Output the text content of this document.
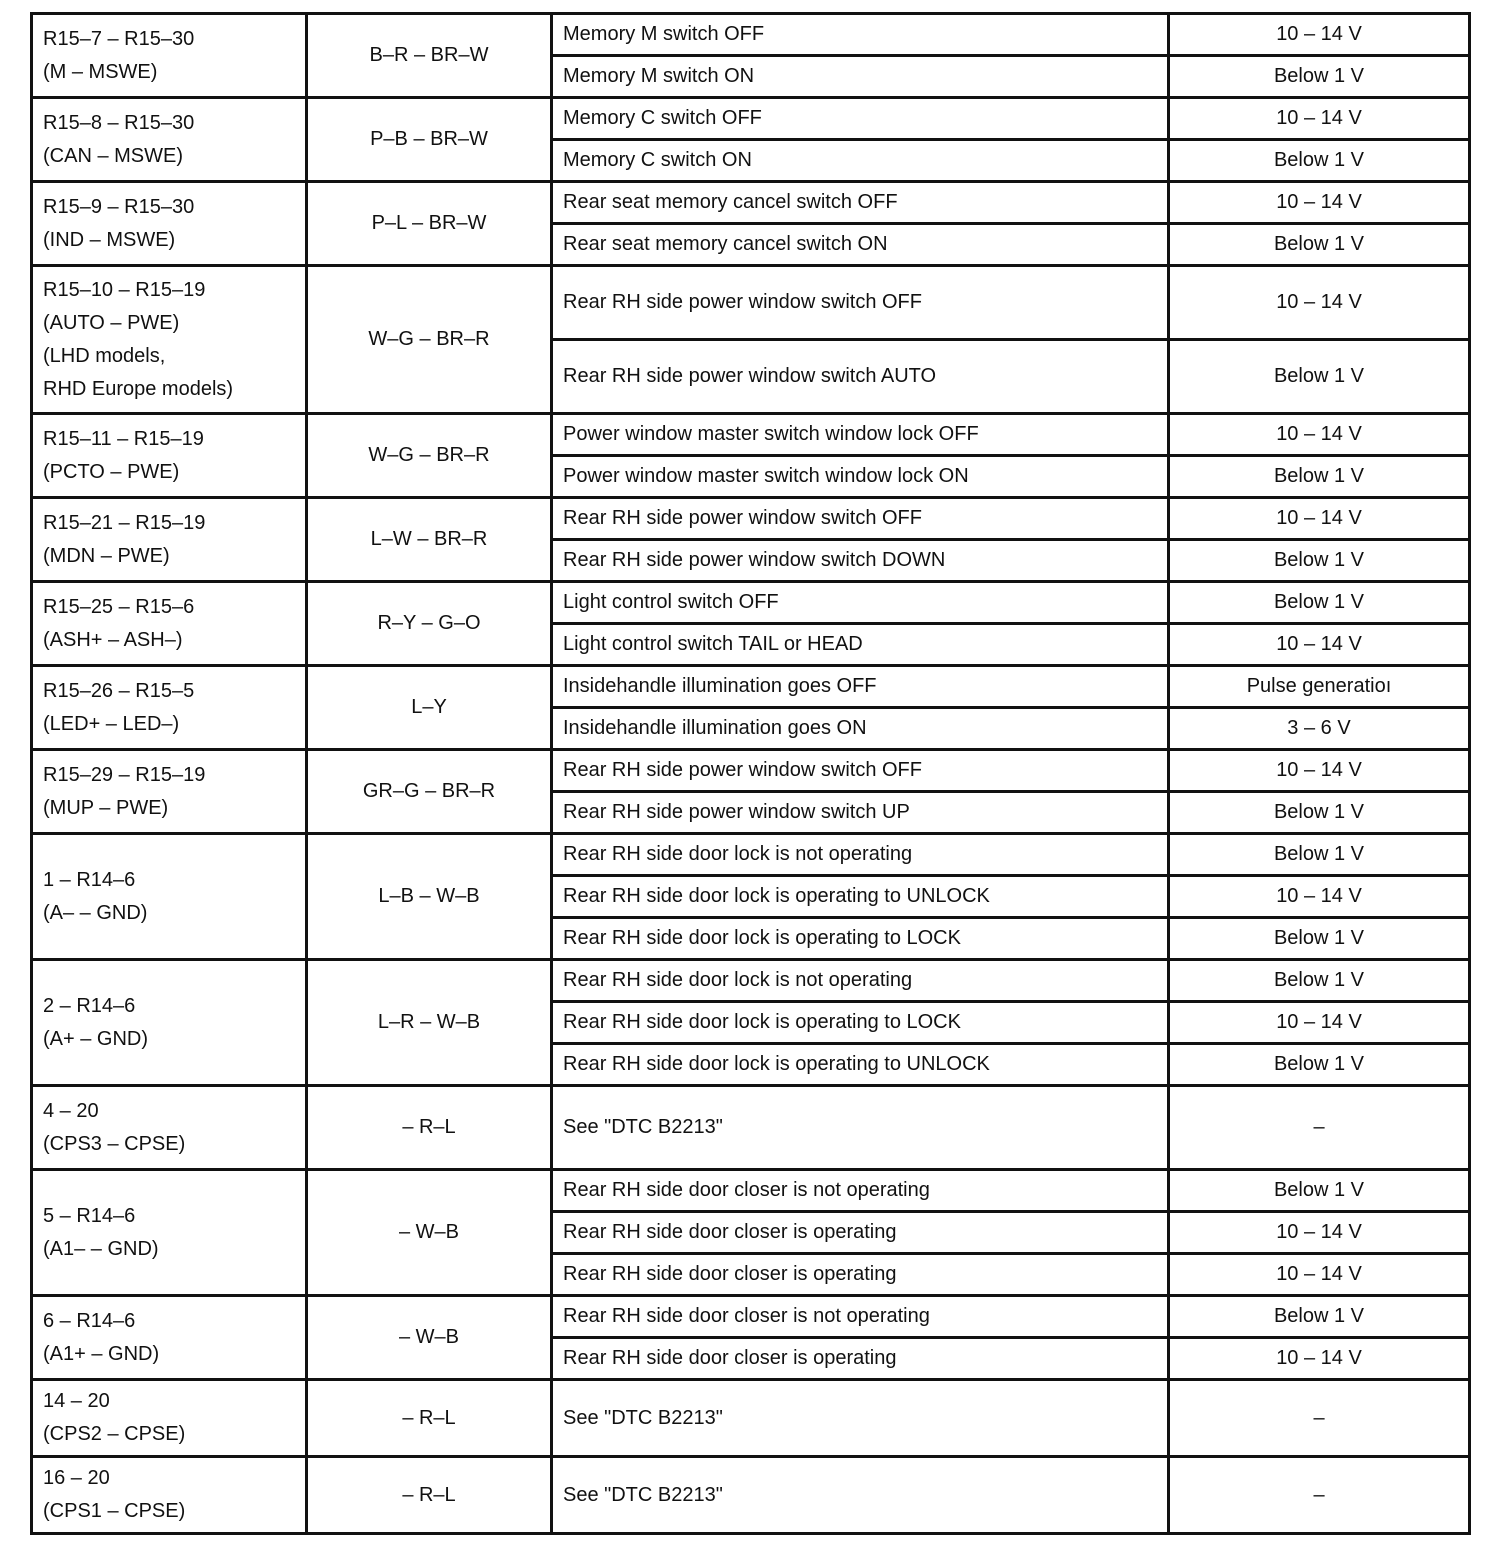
R15–7 – R15–30
(M – MSWE)	B–R – BR–W	Memory M switch OFF	10 – 14 V
		Memory M switch ON	Below 1 V

R15–8 – R15–30
(CAN – MSWE)	P–B – BR–W	Memory C switch OFF	10 – 14 V
		Memory C switch ON	Below 1 V

R15–9 – R15–30
(IND – MSWE)	P–L – BR–W	Rear seat memory cancel switch OFF	10 – 14 V
		Rear seat memory cancel switch ON	Below 1 V

R15–10 – R15–19
(AUTO – PWE)
(LHD models,
RHD Europe models)	W–G – BR–R	Rear RH side power window switch OFF	10 – 14 V
		Rear RH side power window switch AUTO	Below 1 V

R15–11 – R15–19
(PCTO – PWE)	W–G – BR–R	Power window master switch window lock OFF	10 – 14 V
		Power window master switch window lock ON	Below 1 V

R15–21 – R15–19
(MDN – PWE)	L–W – BR–R	Rear RH side power window switch OFF	10 – 14 V
		Rear RH side power window switch DOWN	Below 1 V

R15–25 – R15–6
(ASH+ – ASH–)	R–Y – G–O	Light control switch OFF	Below 1 V
		Light control switch TAIL or HEAD	10 – 14 V

R15–26 – R15–5
(LED+ – LED–)	L–Y	Insidehandle illumination goes OFF	Pulse generatioı
		Insidehandle illumination goes ON	3 – 6 V

R15–29 – R15–19
(MUP – PWE)	GR–G – BR–R	Rear RH side power window switch OFF	10 – 14 V
		Rear RH side power window switch UP	Below 1 V

1 – R14–6
(A– – GND)	L–B – W–B	Rear RH side door lock is not operating	Below 1 V
		Rear RH side door lock is operating to UNLOCK	10 – 14 V
		Rear RH side door lock is operating to LOCK	Below 1 V

2 – R14–6
(A+ – GND)	L–R – W–B	Rear RH side door lock is not operating	Below 1 V
		Rear RH side door lock is operating to LOCK	10 – 14 V
		Rear RH side door lock is operating to UNLOCK	Below 1 V

4 – 20
(CPS3 – CPSE)	– R–L	See "DTC B2213"	–

5 – R14–6
(A1– – GND)	– W–B	Rear RH side door closer is not operating	Below 1 V
		Rear RH side door closer is operating	10 – 14 V
		Rear RH side door closer is operating	10 – 14 V

6 – R14–6
(A1+ – GND)	– W–B	Rear RH side door closer is not operating	Below 1 V
		Rear RH side door closer is operating	10 – 14 V

14 – 20
(CPS2 – CPSE)	– R–L	See "DTC B2213"	–

16 – 20
(CPS1 – CPSE)	– R–L	See "DTC B2213"	–
